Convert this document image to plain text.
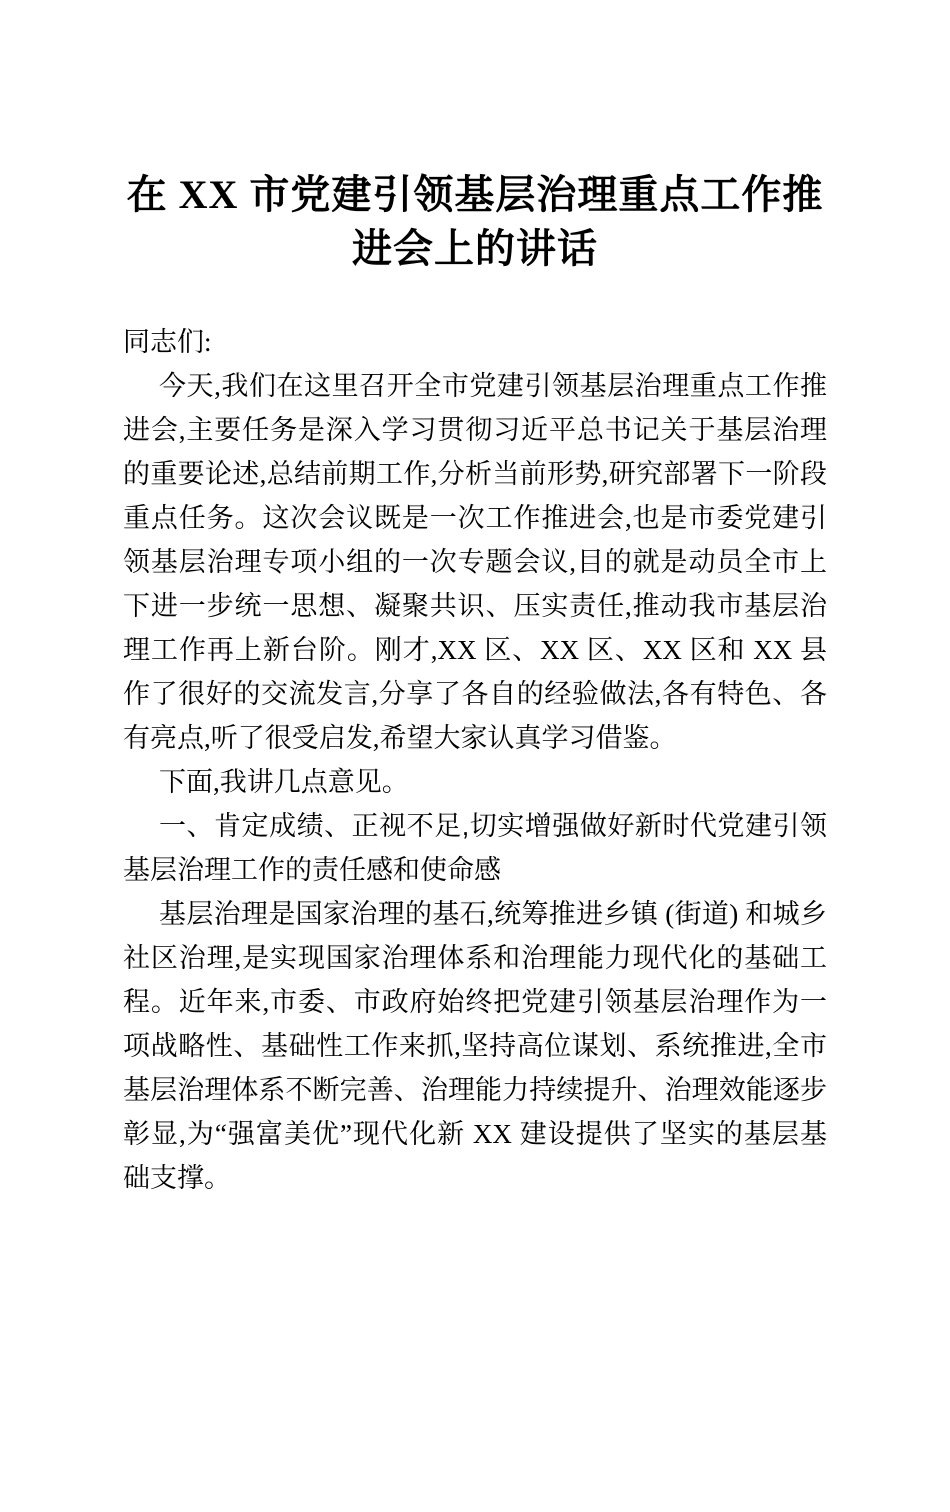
在 XX 市党建引领基层治理重点工作推进会上的讲话

同志们:

今天,我们在这里召开全市党建引领基层治理重点工作推进会,主要任务是深入学习贯彻习近平总书记关于基层治理的重要论述,总结前期工作,分析当前形势,研究部署下一阶段重点任务。这次会议既是一次工作推进会,也是市委党建引领基层治理专项小组的一次专题会议,目的就是动员全市上下进一步统一思想、凝聚共识、压实责任,推动我市基层治理工作再上新台阶。刚才,XX 区、XX 区、XX 区和 XX 县作了很好的交流发言,分享了各自的经验做法,各有特色、各有亮点,听了很受启发,希望大家认真学习借鉴。

下面,我讲几点意见。

一、肯定成绩、正视不足,切实增强做好新时代党建引领基层治理工作的责任感和使命感

基层治理是国家治理的基石,统筹推进乡镇 (街道) 和城乡社区治理,是实现国家治理体系和治理能力现代化的基础工程。近年来,市委、市政府始终把党建引领基层治理作为一项战略性、基础性工作来抓,坚持高位谋划、系统推进,全市基层治理体系不断完善、治理能力持续提升、治理效能逐步彰显,为“强富美优”现代化新 XX 建设提供了坚实的基层基础支撑。
